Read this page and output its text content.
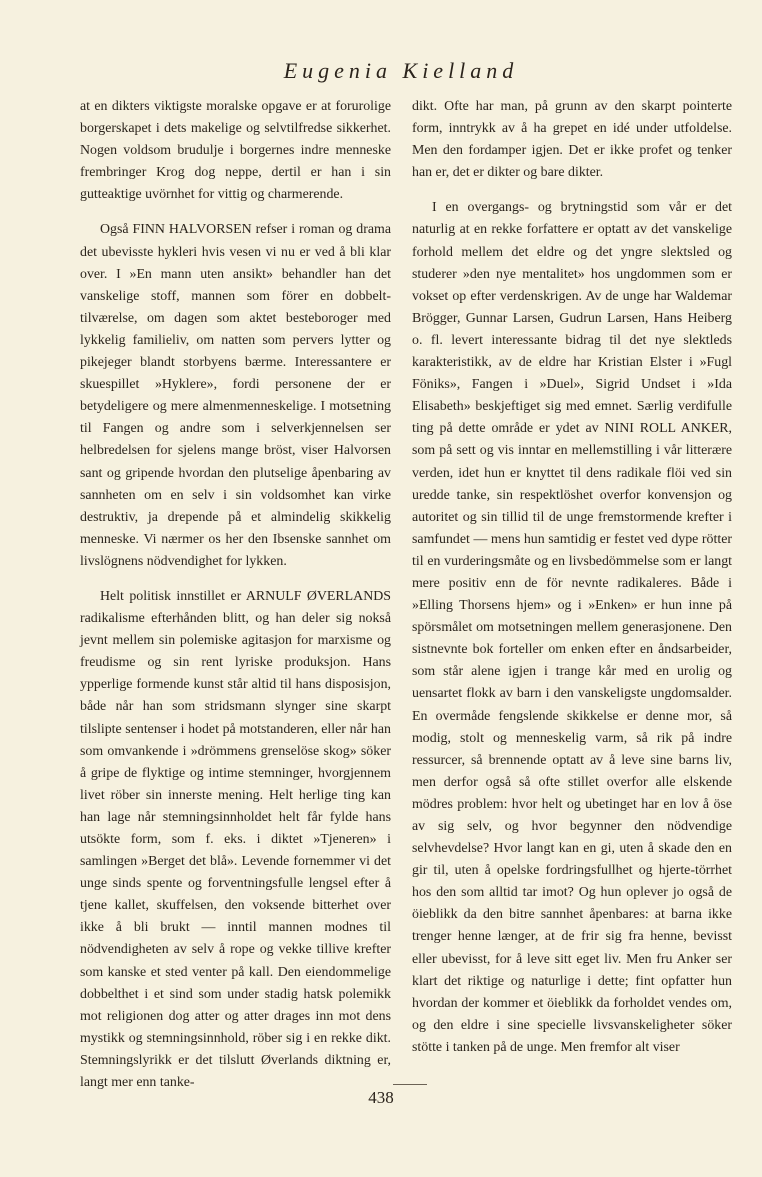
Eugenia Kielland

at en dikters viktigste moralske opgave er at forurolige borgerskapet i dets makelige og selvtilfredse sikkerhet. Nogen voldsom brudulje i borgernes indre menneske frembringer Krog dog neppe, dertil er han i sin gutteaktige uvörnhet for vittig og charmerende.

Også FINN HALVORSEN refser i roman og drama det ubevisste hykleri hvis vesen vi nu er ved å bli klar over. I »En mann uten ansikt» behandler han det vanskelige stoff, mannen som förer en dobbelt-tilværelse, om dagen som aktet besteboroger med lykkelig familieliv, om natten som pervers lytter og pikejeger blandt storbyens bærme. Interessantere er skuespillet »Hyklere», fordi personene der er betydeligere og mere almenmenneskelige. I motsetning til Fangen og andre som i selverkjennelsen ser helbredelsen for sjelens mange bröst, viser Halvorsen sant og gripende hvordan den plutselige åpenbaring av sannheten om en selv i sin voldsomhet kan virke destruktiv, ja drepende på et almindelig skikkelig menneske. Vi nærmer os her den Ibsenske sannhet om livslögnens nödvendighet for lykken.

Helt politisk innstillet er ARNULF ØVERLANDS radikalisme efterhånden blitt, og han deler sig nokså jevnt mellem sin polemiske agitasjon for marxisme og freudisme og sin rent lyriske produksjon. Hans ypperlige formende kunst står altid til hans disposisjon, både når han som stridsmann slynger sine skarpt tilslipte sentenser i hodet på motstanderen, eller når han som omvankende i »drömmens grenselöse skog» söker å gripe de flyktige og intime stemninger, hvorgjennem livet röber sin innerste mening. Helt herlige ting kan han lage når stemningsinnholdet helt får fylde hans utsökte form, som f. eks. i diktet »Tjeneren» i samlingen »Berget det blå». Levende fornemmer vi det unge sinds spente og forventningsfulle lengsel efter å tjene kallet, skuffelsen, den voksende bitterhet over ikke å bli brukt — inntil mannen modnes til nödvendigheten av selv å rope og vekke tillive krefter som kanske et sted venter på kall. Den eiendommelige dobbelthet i et sind som under stadig hatsk polemikk mot religionen dog atter og atter drages inn mot dens mystikk og stemningsinnhold, röber sig i en rekke dikt. Stemningslyrikk er det tilslutt Øverlands diktning er, langt mer enn tanke-

dikt. Ofte har man, på grunn av den skarpt pointerte form, inntrykk av å ha grepet en idé under utfoldelse. Men den fordamper igjen. Det er ikke profet og tenker han er, det er dikter og bare dikter.

I en overgangs- og brytningstid som vår er det naturlig at en rekke forfattere er optatt av det vanskelige forhold mellem det eldre og det yngre slektsled og studerer »den nye mentalitet» hos ungdommen som er vokset op efter verdenskrigen. Av de unge har Waldemar Brögger, Gunnar Larsen, Gudrun Larsen, Hans Heiberg o. fl. levert interessante bidrag til det nye slektleds karakteristikk, av de eldre har Kristian Elster i »Fugl Föniks», Fangen i »Duel», Sigrid Undset i »Ida Elisabeth» beskjeftiget sig med emnet. Særlig verdifulle ting på dette område er ydet av NINI ROLL ANKER, som på sett og vis inntar en mellemstilling i vår litterære verden, idet hun er knyttet til dens radikale flöi ved sin uredde tanke, sin respektlöshet overfor konvensjon og autoritet og sin tillid til de unge fremstormende krefter i samfundet — mens hun samtidig er festet ved dype rötter til en vurderingsmåte og en livsbedömmelse som er langt mere positiv enn de för nevnte radikaleres. Både i »Elling Thorsens hjem» og i »Enken» er hun inne på spörsmålet om motsetningen mellem generasjonene. Den sistnevnte bok forteller om enken efter en åndsarbeider, som står alene igjen i trange kår med en urolig og uensartet flokk av barn i den vanskeligste ungdomsalder. En overmåde fengslende skikkelse er denne mor, så modig, stolt og menneskelig varm, så rik på indre ressurcer, så brennende optatt av å leve sine barns liv, men derfor også så ofte stillet overfor alle elskende mödres problem: hvor helt og ubetinget har en lov å öse av sig selv, og hvor begynner den nödvendige selvhevdelse? Hvor langt kan en gi, uten å skade den en gir til, uten å opelske fordringsfullhet og hjerte-törrhet hos den som alltid tar imot? Og hun oplever jo også de öieblikk da den bitre sannhet åpenbares: at barna ikke trenger henne længer, at de frir sig fra henne, bevisst eller ubevisst, for å leve sitt eget liv. Men fru Anker ser klart det riktige og naturlige i dette; fint opfatter hun hvordan der kommer et öieblikk da forholdet vendes om, og den eldre i sine specielle livsvanskeligheter söker stötte i tanken på de unge. Men fremfor alt viser

438
